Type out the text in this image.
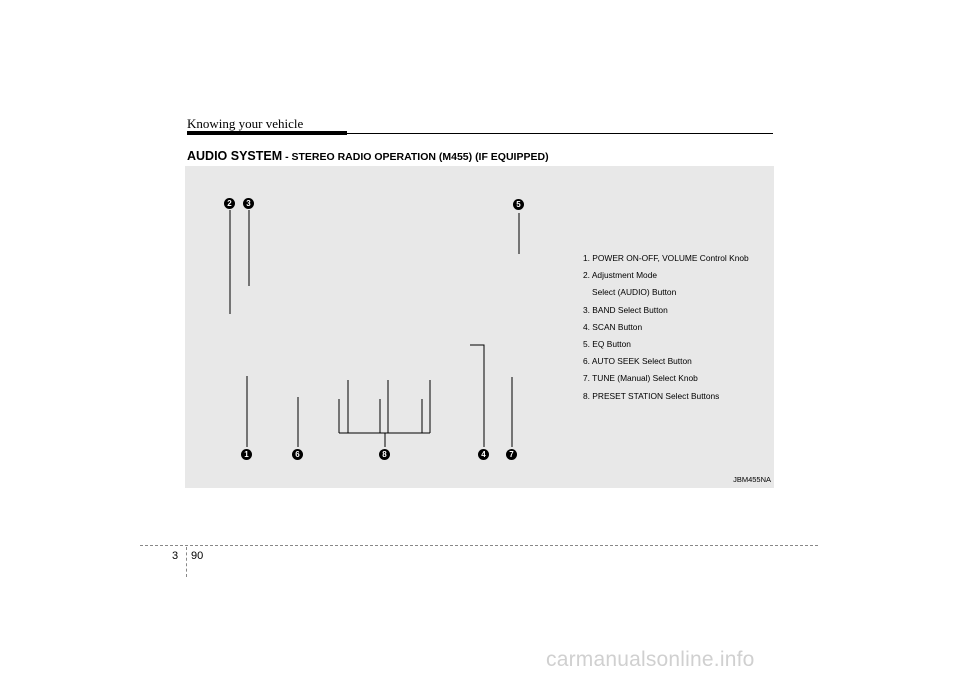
Knowing your vehicle
AUDIO SYSTEM - STEREO RADIO OPERATION (M455) (IF EQUIPPED)
2	3	5
1	6	8	4	7
1. POWER ON-OFF, VOLUME Control Knob
2. Adjustment Mode
Select (AUDIO) Button
3. BAND Select Button
4. SCAN Button
5. EQ Button
6. AUTO SEEK Select Button
7. TUNE (Manual) Select Knob
8. PRESET STATION Select Buttons
JBM455NA
3 90
carmanualsonline.info
